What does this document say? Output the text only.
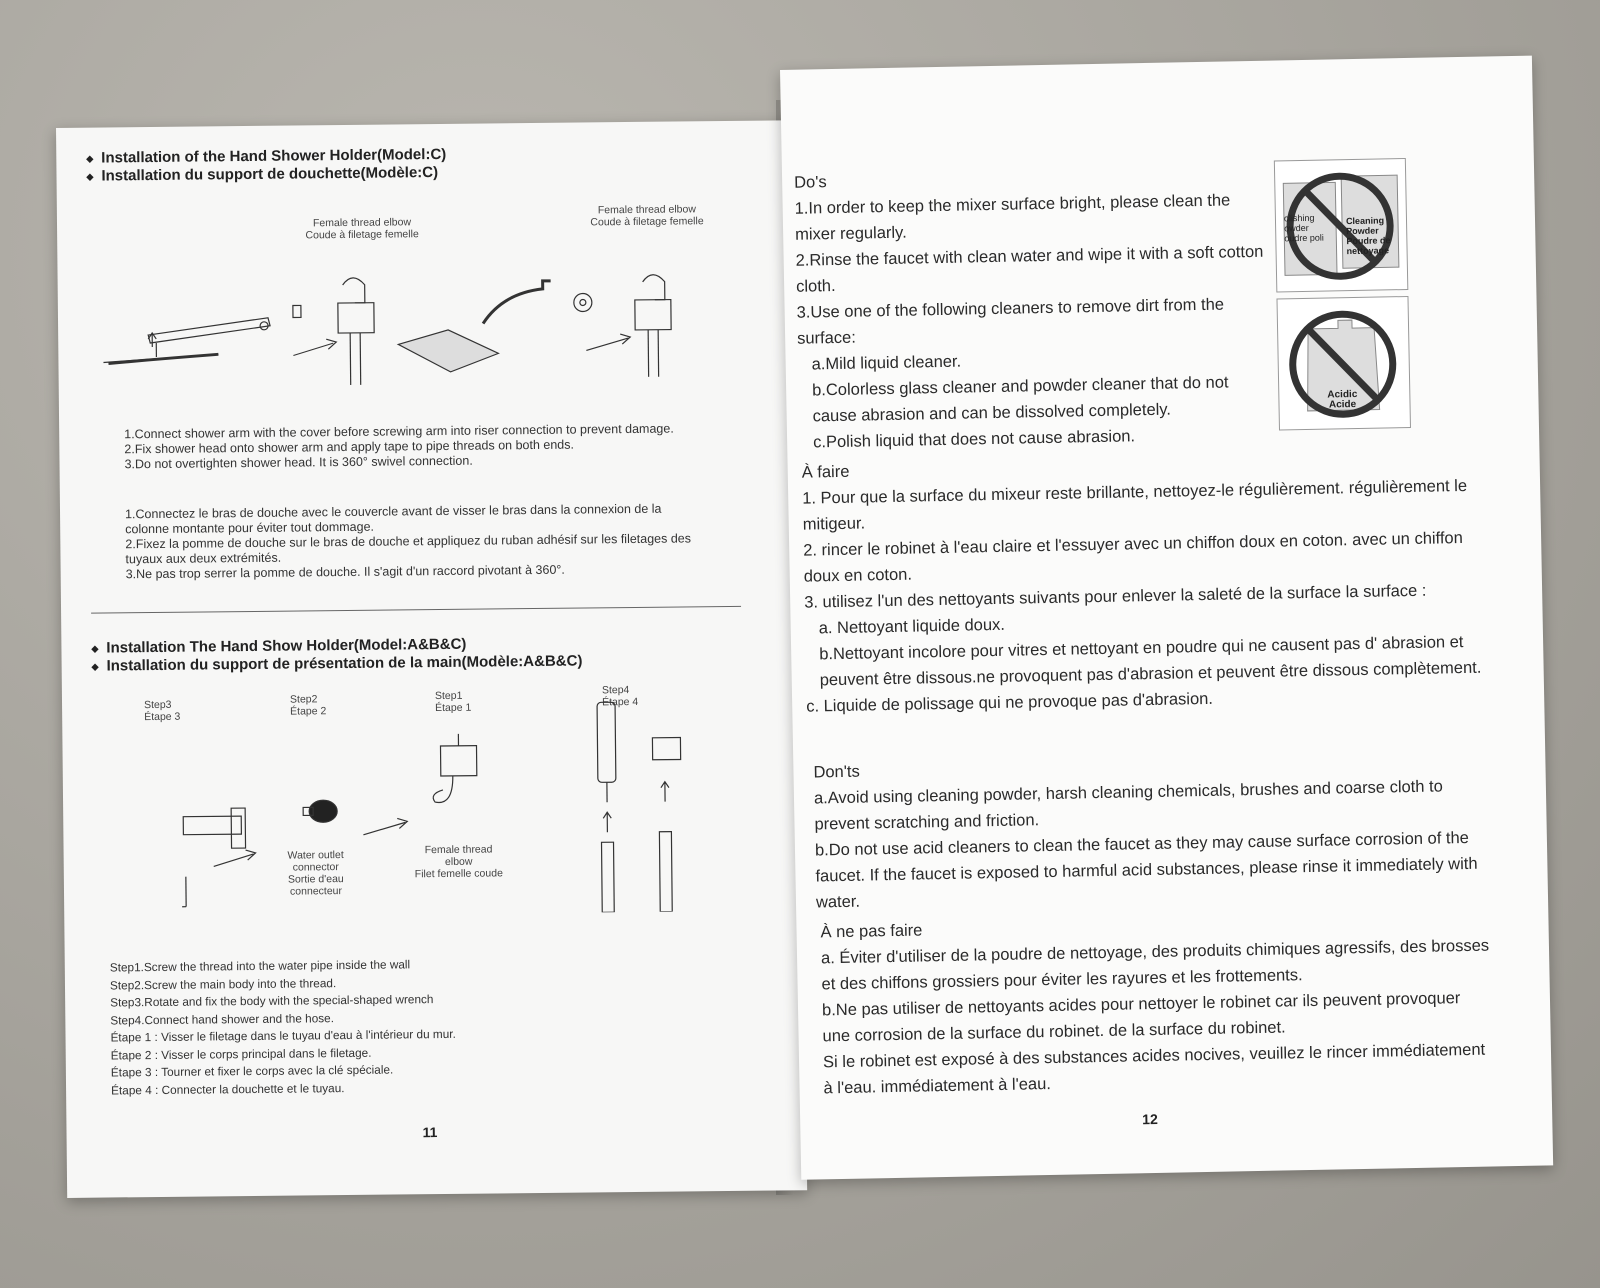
◆ Installation of the Hand Shower Holder(Model:C)
◆ Installation du support de douchette(Modèle:C)
Female thread elbow
Coude à filetage femelle
Female thread elbow
Coude à filetage femelle
1.Connect shower arm with the cover before screwing arm into riser connection to prevent damage.
2.Fix shower head onto shower arm and apply tape to pipe threads on both ends.
3.Do not overtighten shower head. It is 360° swivel connection.
1.Connectez le bras de douche avec le couvercle avant de visser le bras dans la connexion de la colonne montante pour éviter tout dommage.
2.Fixez la pomme de douche sur le bras de douche et appliquez du ruban adhésif sur les filetages des tuyaux aux deux extrémités.
3.Ne pas trop serrer la pomme de douche. Il s'agit d'un raccord pivotant à 360°.
◆ Installation The Hand Show Holder(Model:A&B&C)
◆ Installation du support de présentation de la main(Modèle:A&B&C)
Step3
Étape 3
Step2
Étape 2
Step1
Étape 1
Step4
Étape 4
Water outlet connector
Sortie d'eau connecteur
Female thread elbow
Filet femelle coude
Step1.Screw the thread into the water pipe inside the wall
Step2.Screw the main body into the thread.
Step3.Rotate and fix the body with the special-shaped wrench
Step4.Connect hand shower and the hose.
Étape 1 : Visser le filetage dans le tuyau d'eau à l'intérieur du mur.
Étape 2 : Visser le corps principal dans le filetage.
Étape 3 : Tourner et fixer le corps avec la clé spéciale.
Étape 4 : Connecter la douchette et le tuyau.
11
Do's
1.In order to keep the mixer surface bright, please clean the mixer regularly.
2.Rinse the faucet with clean water and wipe it with a soft cotton cloth.
3.Use one of the following cleaners to remove dirt from the surface:
a.Mild liquid cleaner.
b.Colorless glass cleaner and powder cleaner that do not cause abrasion and can be dissolved completely.
c.Polish liquid that does not cause abrasion.
olishing owder oudre poli
Cleaning Powder Poudre de nettoyage
Acidic
Acide
À faire
1. Pour que la surface du mixeur reste brillante, nettoyez-le régulièrement. régulièrement le mitigeur.
2. rincer le robinet à l'eau claire et l'essuyer avec un chiffon doux en coton. avec un chiffon doux en coton.
3. utilisez l'un des nettoyants suivants pour enlever la saleté de la surface la surface :
a. Nettoyant liquide doux.
b.Nettoyant incolore pour vitres et nettoyant en poudre qui ne causent pas d' abrasion et peuvent être dissous.ne provoquent pas d'abrasion et peuvent être dissous complètement.
c. Liquide de polissage qui ne provoque pas d'abrasion.
Don'ts
a.Avoid using cleaning powder, harsh cleaning chemicals, brushes and coarse cloth to prevent scratching and friction.
b.Do not use acid cleaners to clean the faucet as they may cause surface corrosion of the faucet. If the faucet is exposed to harmful acid substances, please rinse it immediately with water.
À ne pas faire
a. Éviter d'utiliser de la poudre de nettoyage, des produits chimiques agressifs, des brosses et des chiffons grossiers pour éviter les rayures et les frottements.
b.Ne pas utiliser de nettoyants acides pour nettoyer le robinet car ils peuvent provoquer une corrosion de la surface du robinet. de la surface du robinet.
Si le robinet est exposé à des substances acides nocives, veuillez le rincer immédiatement à l'eau. immédiatement à l'eau.
12
